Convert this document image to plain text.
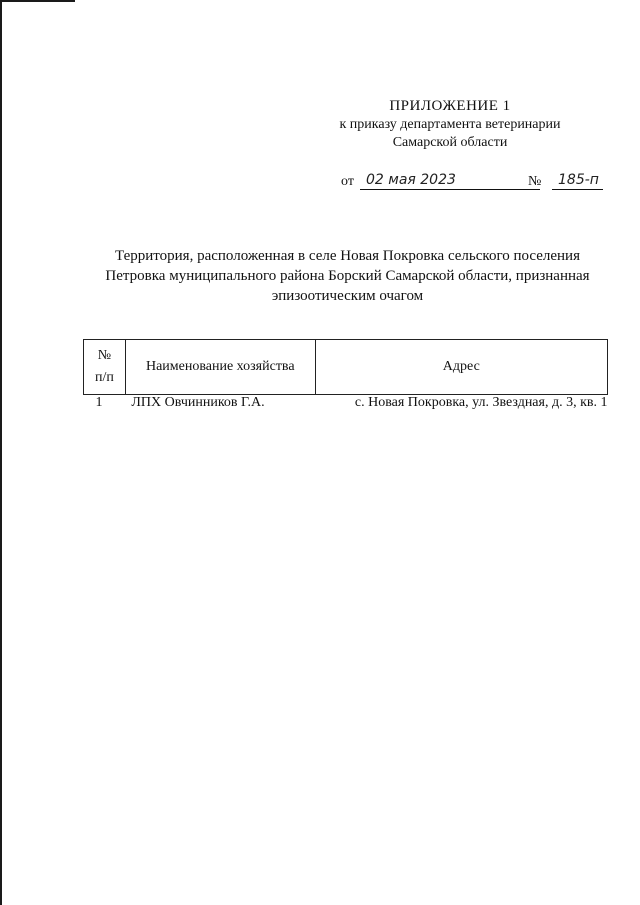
ПРИЛОЖЕНИЕ 1
к приказу департамента ветеринарии
Самарской области
от 02 мая 2023	№	185-п
Территория, расположенная в селе Новая Покровка сельского поселения
Петровка муниципального района Борский Самарской области, признанная
эпизоотическим очагом
№
п/п	Наименование хозяйства	Адрес
1	ЛПХ Овчинников Г.А.	с. Новая Покровка, ул. Звездная, д. 3, кв. 1
